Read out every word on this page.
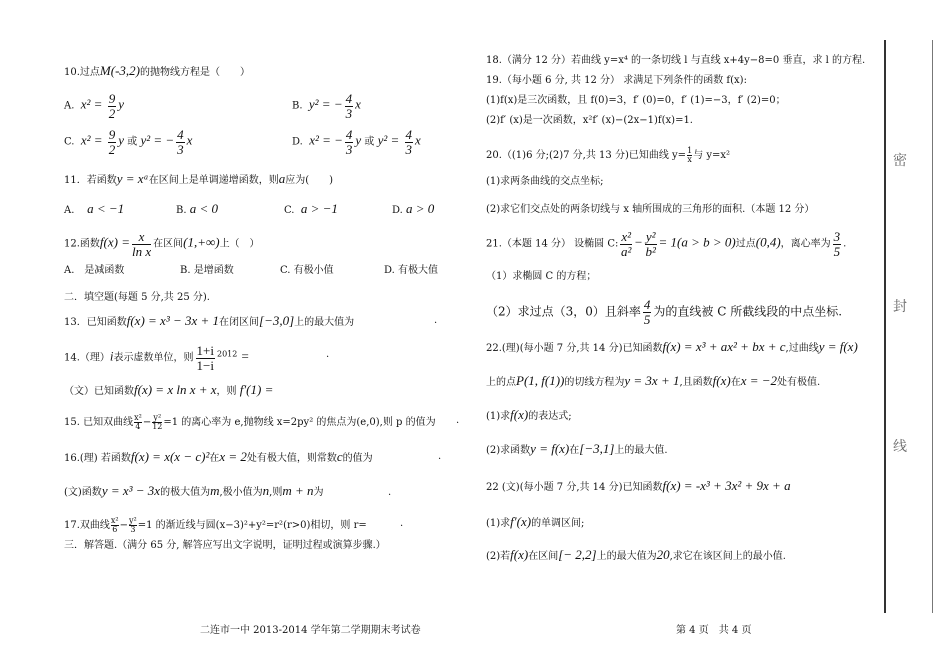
10.过点M(-3,2)的抛物线方程是（　　）
A. $x^2 = \frac{9}{2}$ y	B. y² = − $\frac{4}{3}$ x
C. $x^2 = \frac{9}{2}$ y 或 y² = − $\frac{4}{3}$ x	D. x² = − $\frac{4}{3}$ y 或 $y^2 = \frac{4}{3}$ x
11．若函数y = xᵃ在区间上是单调递增函数，则a应为(　　)
A. a < −1	B. a < 0	C. a > −1	D. a > 0
12.函数$f(x) = \frac{x}{\text{ln x}}$ 在区间(1,+∞)上（　）
A.　是减函数	B. 是增函数	C. 有极小值	D. 有极大值
二．填空题(每题 5 分,共 25 分).
13．已知函数f(x) = x³ − 3x + 1在闭区间[−3,0]上的最大值为	.
14.（理）i表示虚数单位，则 $\frac{1+i}{1-i} ^{2012}$ =	.
（文）已知函数f(x) = x ln x + x，则 f′(1) =
15. 已知双曲线 $\frac{\text{x²}}{4} - \frac{\text{y²}}{12} =1$ 的离心率为 e,抛物线 x=2py² 的焦点为(e,0),则 p 的值为 .
16.(理) 若函数f(x) = x(x − c)²在x = 2处有极大值，则常数c的值为	.
(文)函数y = x³ − 3x的极大值为m,极小值为n,则m + n为	.
17.双曲线 $\frac{\text{x²}}{6} - \frac{\text{y²}}{3} =1$ 的渐近线与圆(x−3)²+y²=r²(r>0)相切，则 r=	.
三．解答题.（满分 65 分, 解答应写出文字说明，证明过程或演算步骤.）
18.（满分 12 分）若曲线 y=x⁴ 的一条切线 l 与直线 x+4y−8=0 垂直，求 l 的方程.
19.（每小题 6 分, 共 12 分） 求满足下列条件的函数 f(x):
(1)f(x)是三次函数，且 f(0)=3，f′ (0)=0，f′ (1)=−3，f′ (2)=0；
(2)f′ (x)是一次函数，x²f′ (x)−(2x−1)f(x)=1.
20.（(1)6 分;(2)7 分,共 13 分)已知曲线 $y= \frac{1}{x}$ 与 y=x²
(1)求两条曲线的交点坐标;
(2)求它们交点处的两条切线与 x 轴所围成的三角形的面积.（本题 12 分）
21.（本题 14 分） 设椭圆 C: $\frac{\text{x²}}{\text{a²}} - \frac{\text{y²}}{\text{b²}} = 1(a > b > 0)$过点(0,4)，离心率为 $\frac{3}{5}$ .
（1）求椭圆 C 的方程；
（2）求过点（3，0）且斜率 $\frac{4}{5}$ 为的直线被 C 所截线段的中点坐标.
22.(理)(每小题 7 分,共 14 分)已知函数f(x) = x³ + ax² + bx + c,过曲线y = f(x)
上的点P(1, f(1))的切线方程为y = 3x + 1,且函数f(x)在x = −2处有极值.
(1)求f(x)的表达式;
(2)求函数y = f(x)在[−3,1]上的最大值.
22 (文)(每小题 7 分,共 14 分)已知函数f(x) = -x³ + 3x² + 9x + a
(1)求f′(x)的单调区间;
(2)若f(x)在区间[− 2,2]上的最大值为20,求它在该区间上的最小值.
二连市一中 2013-2014 学年第二学期期末考试卷	第 4 页　共 4 页
密
封
线
